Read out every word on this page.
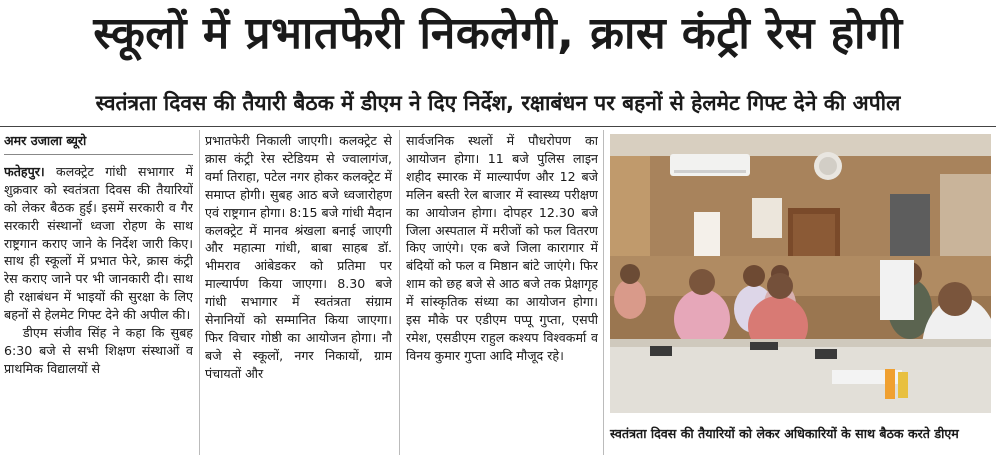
स्कूलों में प्रभातफेरी निकलेगी, क्रास कंट्री रेस होगी
स्वतंत्रता दिवस की तैयारी बैठक में डीएम ने दिए निर्देश, रक्षाबंधन पर बहनों से हेलमेट गिफ्ट देने की अपील

अमर उजाला ब्यूरो

फतेहपुर। कलक्ट्रेट गांधी सभागार में शुक्रवार को स्वतंत्रता दिवस की तैयारियों को लेकर बैठक हुई। इसमें सरकारी व गैर सरकारी संस्थानों ध्वजा रोहण के साथ राष्ट्रगान कराए जाने के निर्देश जारी किए। साथ ही स्कूलों में प्रभात फेरे, क्रास कंट्री रेस कराए जाने पर भी जानकारी दी। साथ ही रक्षाबंधन में भाइयों की सुरक्षा के लिए बहनों से हेलमेट गिफ्ट देने की अपील की।

डीएम संजीव सिंह ने कहा कि सुबह 6:30 बजे से सभी शिक्षण संस्थाओं व प्राथमिक विद्यालयों से

प्रभातफेरी निकाली जाएगी। कलक्ट्रेट से क्रास कंट्री रेस स्टेडियम से ज्वालागंज, वर्मा तिराहा, पटेल नगर होकर कलक्ट्रेट में समाप्त होगी। सुबह आठ बजे ध्वजारोहण एवं राष्ट्रगान होगा। 8:15 बजे गांधी मैदान कलक्ट्रेट में मानव श्रंखला बनाई जाएगी और महात्मा गांधी, बाबा साहब डॉ. भीमराव आंबेडकर को प्रतिमा पर माल्यार्पण किया जाएगा। 8.30 बजे गांधी सभागार में स्वतंत्रता संग्राम सेनानियों को सम्मानित किया जाएगा। फिर विचार गोष्ठी का आयोजन होगा। नौ बजे से स्कूलों, नगर निकायों, ग्राम पंचायतों और

सार्वजनिक स्थलों में पौधरोपण का आयोजन होगा। 11 बजे पुलिस लाइन शहीद स्मारक में माल्यार्पण और 12 बजे मलिन बस्ती रेल बाजार में स्वास्थ्य परीक्षण का आयोजन होगा। दोपहर 12.30 बजे जिला अस्पताल में मरीजों को फल वितरण किए जाएंगे। एक बजे जिला कारागार में बंदियों को फल व मिष्ठान बांटे जाएंगे। फिर शाम को छह बजे से आठ बजे तक प्रेक्षागृह में सांस्कृतिक संध्या का आयोजन होगा। इस मौके पर एडीएम पप्पू गुप्ता, एसपी रमेश, एसडीएम राहुल कश्यप विश्वकर्मा व विनय कुमार गुप्ता आदि मौजूद रहे।

स्वतंत्रता दिवस की तैयारियों को लेकर अधिकारियों के साथ बैठक करते डीएम
